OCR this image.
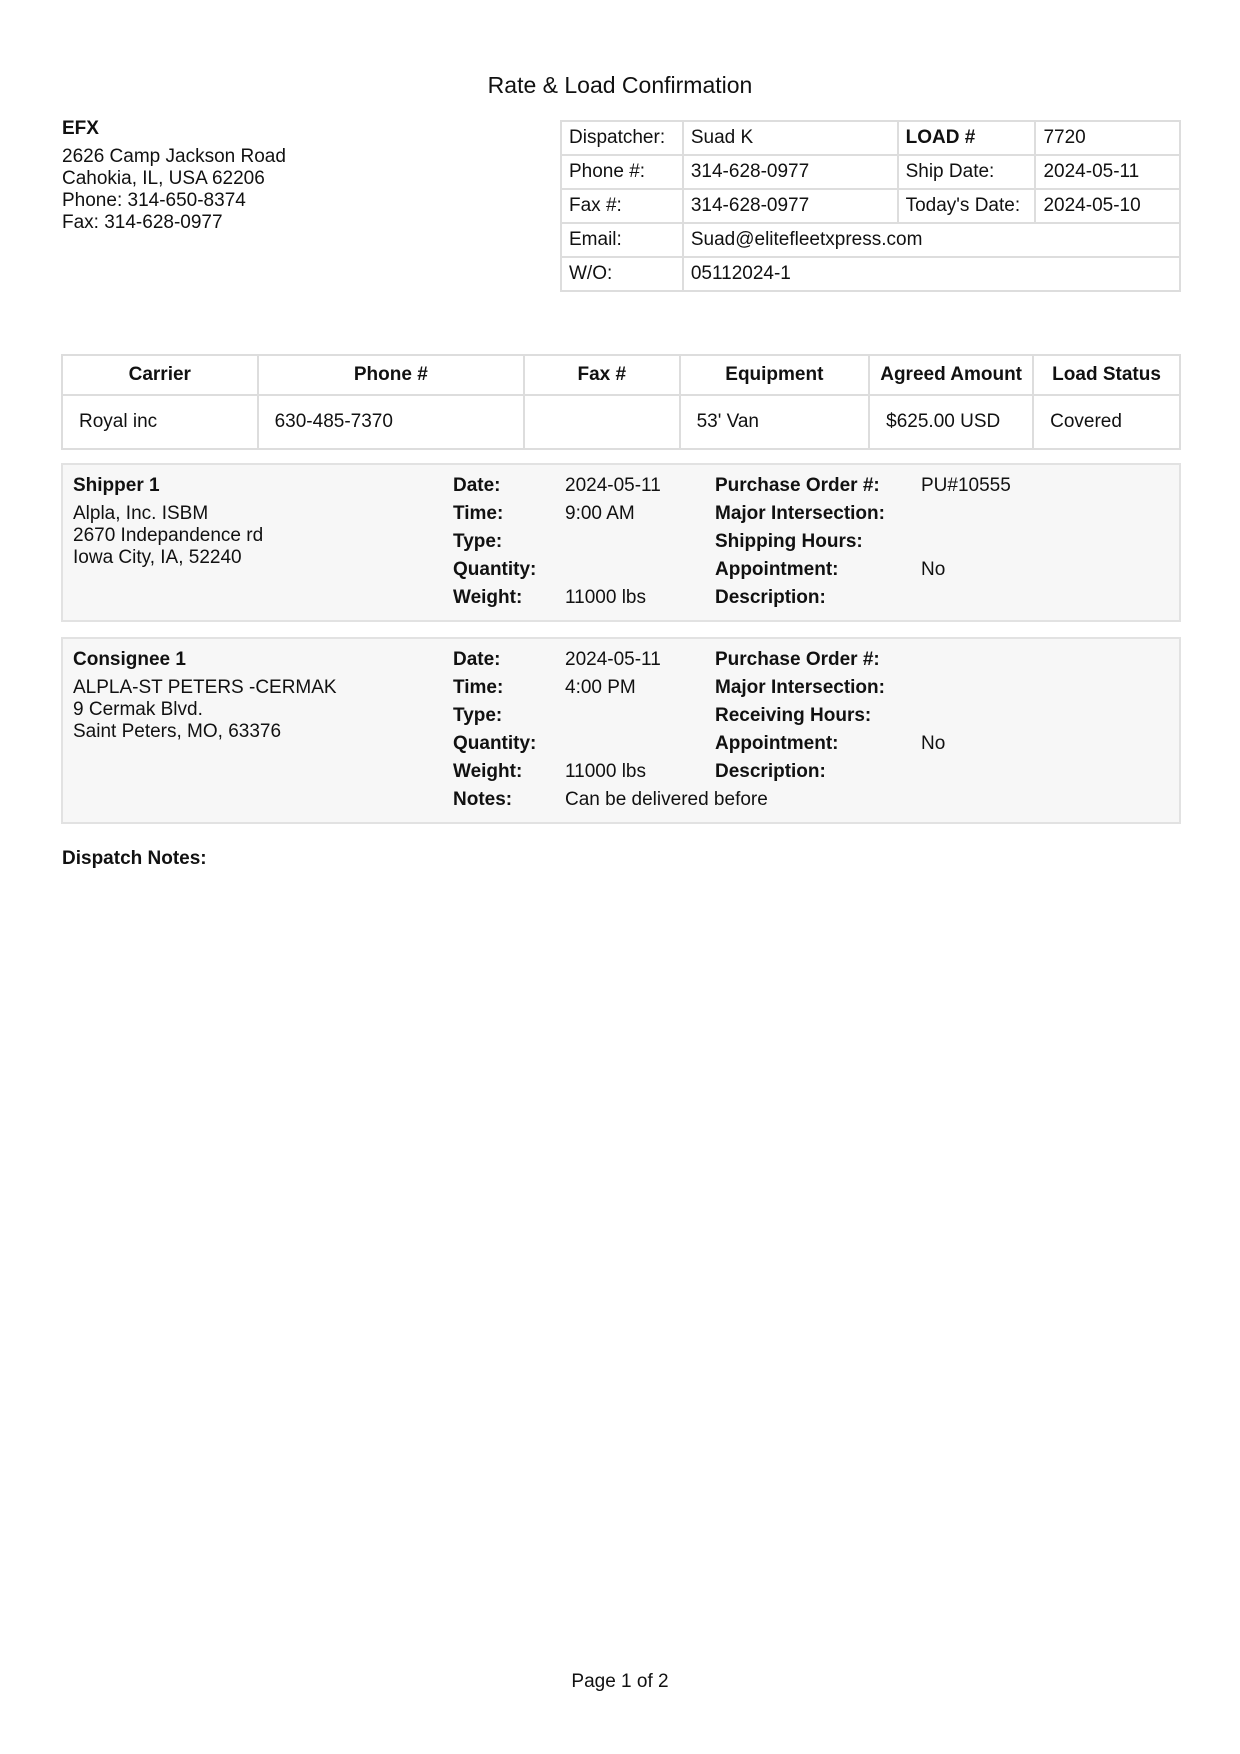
Rate & Load Confirmation
EFX
2626 Camp Jackson Road
Cahokia, IL, USA 62206
Phone: 314-650-8374
Fax: 314-628-0977
Dispatcher:	Suad K	LOAD #	7720
Phone #:	314-628-0977	Ship Date:	2024-05-11
Fax #:	314-628-0977	Today's Date:	2024-05-10
Email:	Suad@elitefleetxpress.com		
W/O:	05112024-1		
Carrier	Phone #	Fax #	Equipment	Agreed Amount	Load Status
Royal inc	630-485-7370		53' Van	$625.00 USD	Covered
Shipper 1
Alpla, Inc. ISBM
2670 Indepandence rd
Iowa City, IA, 52240
Date:	2024-05-11	Purchase Order #: PU#10555
Time:	9:00 AM	Major Intersection:
Type:	Shipping Hours:
Quantity:	Appointment:	No
Weight: 11000 lbs	Description:
Consignee 1
ALPLA-ST PETERS -CERMAK
9 Cermak Blvd.
Saint Peters, MO, 63376
Date:	2024-05-11	Purchase Order #:
Time:	4:00 PM	Major Intersection:
Type:	Receiving Hours:
Quantity:	Appointment:	No
Weight: 11000 lbs	Description:
Notes:	Can be delivered before
Dispatch Notes:
Page 1 of 2
